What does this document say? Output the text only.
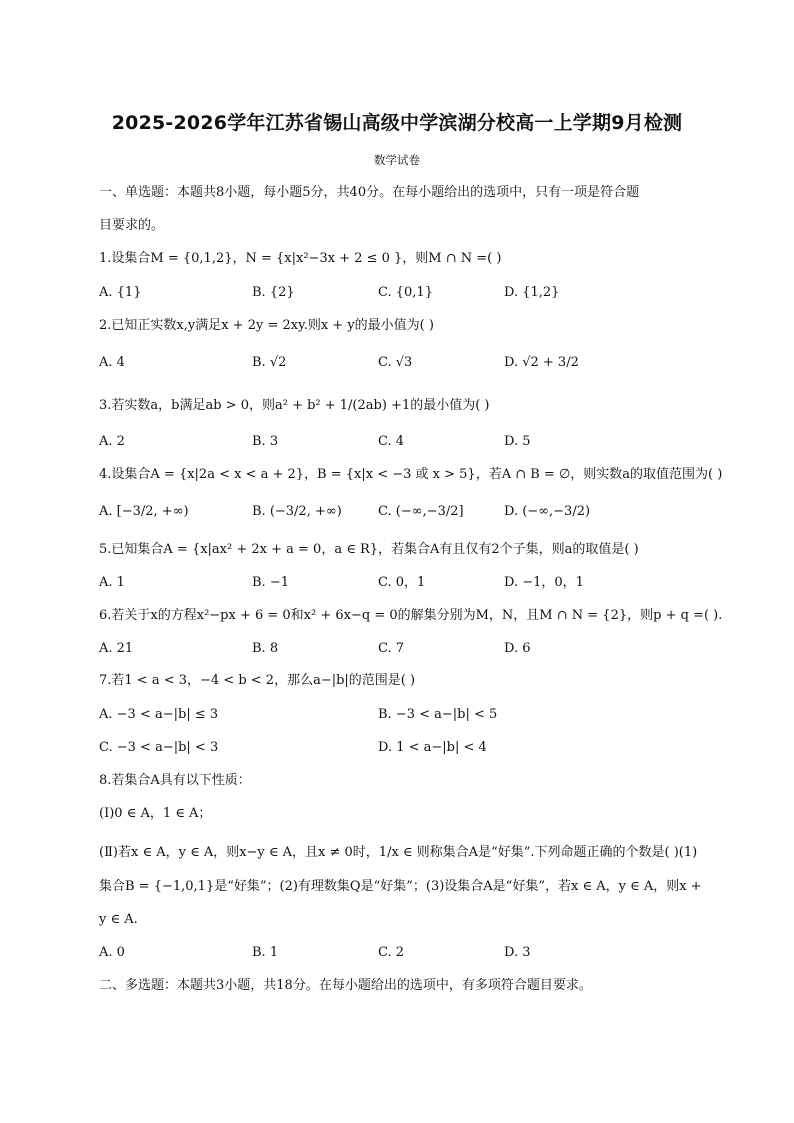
2025-2026学年江苏省锡山高级中学滨湖分校高一上学期9月检测
数学试卷
一、单选题：本题共8小题，每小题5分，共40分。在每小题给出的选项中，只有一项是符合题
目要求的。
1.设集合M = {0,1,2}，N = {x|x²−3x + 2 ≤ 0 }，则M ∩ N =( )
A. {1}	B. {2}	C. {0,1}	D. {1,2}
2.已知正实数x,y满足x + 2y = 2xy.则x + y的最小值为( )
A. 4	B. √2	C. √3	D. √2 + 3/2
3.若实数a，b满足ab > 0，则a² + b² + 1/(2ab) +1的最小值为( )
A. 2	B. 3	C. 4	D. 5
4.设集合A = {x|2a < x < a + 2}，B = {x|x < −3 或 x > 5}，若A ∩ B = ∅，则实数a的取值范围为( )
A. [−3/2, +∞)	B. (−3/2, +∞)	C. (−∞,−3/2]	D. (−∞,−3/2)
5.已知集合A = {x|ax² + 2x + a = 0，a ∈ R}，若集合A有且仅有2个子集，则a的取值是( )
A. 1	B. −1	C. 0，1	D. −1，0，1
6.若关于x的方程x²−px + 6 = 0和x² + 6x−q = 0的解集分别为M，N，且M ∩ N = {2}，则p + q =( ).
A. 21	B. 8	C. 7	D. 6
7.若1 < a < 3，−4 < b < 2，那么a−|b|的范围是( )
A. −3 < a−|b| ≤ 3	B. −3 < a−|b| < 5
C. −3 < a−|b| < 3	D. 1 < a−|b| < 4
8.若集合A具有以下性质：
(Ⅰ)0 ∈ A，1 ∈ A；
(Ⅱ)若x ∈ A，y ∈ A，则x−y ∈ A，且x ≠ 0时，1/x ∈ 则称集合A是“好集”.下列命题正确的个数是( )(1)
集合B = {−1,0,1}是“好集”；(2)有理数集Q是“好集”；(3)设集合A是“好集”，若x ∈ A，y ∈ A，则x +
y ∈ A.
A. 0	B. 1	C. 2	D. 3
二、多选题：本题共3小题，共18分。在每小题给出的选项中，有多项符合题目要求。
